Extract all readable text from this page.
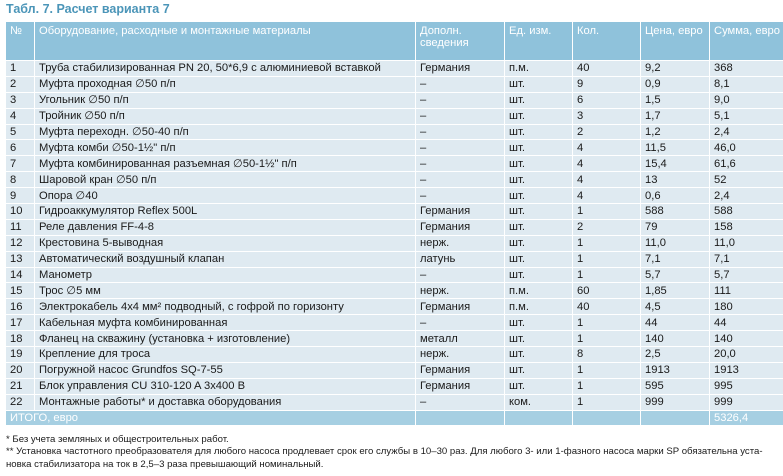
Табл. 7. Расчет варианта 7
№	Оборудование, расходные и монтажные материалы	Дополн. сведения	Ед. изм.	Кол.	Цена, евро	Сумма, евро
1	Труба стабилизированная PN 20, 50*6,9 с алюминиевой вставкой	Германия	п.м.	40	9,2	368
2	Муфта проходная ∅50 п/п	–	шт.	9	0,9	8,1
3	Угольник ∅50 п/п	–	шт.	6	1,5	9,0
4	Тройник ∅50 п/п	–	шт.	3	1,7	5,1
5	Муфта переходн. ∅50-40 п/п	–	шт.	2	1,2	2,4
6	Муфта комби ∅50-1½" п/п	–	шт.	4	11,5	46,0
7	Муфта комбинированная разъемная ∅50-1½" п/п	–	шт.	4	15,4	61,6
8	Шаровой кран ∅50 п/п	–	шт.	4	13	52
9	Опора ∅40	–	шт.	4	0,6	2,4
10	Гидроаккумулятор Reflex 500L	Германия	шт.	1	588	588
11	Реле давления FF-4-8	Германия	шт.	2	79	158
12	Крестовина 5-выводная	нерж.	шт.	1	11,0	11,0
13	Автоматический воздушный клапан	латунь	шт.	1	7,1	7,1
14	Манометр	–	шт.	1	5,7	5,7
15	Трос ∅5 мм	нерж.	п.м.	60	1,85	111
16	Электрокабель 4x4 мм² подводный, с гофрой по горизонту	Германия	п.м.	40	4,5	180
17	Кабельная муфта комбинированная	–	шт.	1	44	44
18	Фланец на скважину (установка + изготовление)	металл	шт.	1	140	140
19	Крепление для троса	нерж.	шт.	8	2,5	20,0
20	Погружной насос Grundfos SQ-7-55	Германия	шт.	1	1913	1913
21	Блок управления CU 310-120 A 3x400 B	Германия	шт.	1	595	995
22	Монтажные работы* и доставка оборудования	–	ком.	1	999	999
ИТОГО, евро						5326,4
* Без учета земляных и общестроительных работ.
** Установка частотного преобразователя для любого насоса продлевает срок его службы в 10–30 раз. Для любого 3- или 1-фазного насоса марки SP обязательна уста-новка стабилизатора на ток в 2,5–3 раза превышающий номинальный.
